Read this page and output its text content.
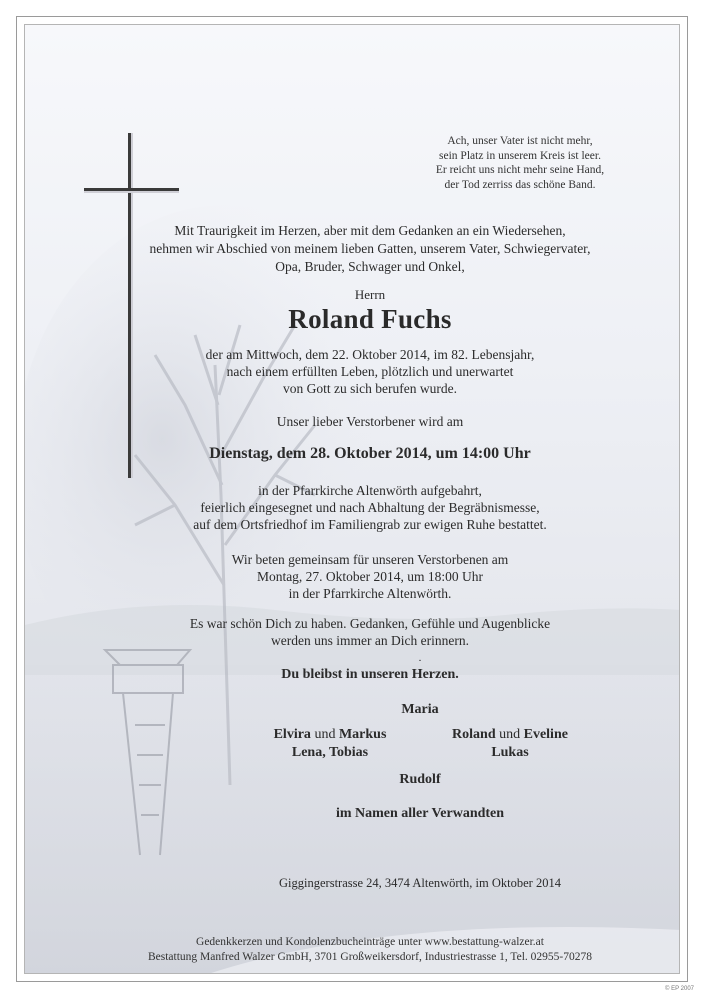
Ach, unser Vater ist nicht mehr,
sein Platz in unserem Kreis ist leer.
Er reicht uns nicht mehr seine Hand,
der Tod zerriss das schöne Band.
Mit Traurigkeit im Herzen, aber mit dem Gedanken an ein Wiedersehen,
nehmen wir Abschied von meinem lieben Gatten, unserem Vater, Schwiegervater,
Opa, Bruder, Schwager und Onkel,
Herrn
Roland Fuchs
der am Mittwoch, dem 22. Oktober 2014, im 82. Lebensjahr,
nach einem erfüllten Leben, plötzlich und unerwartet
von Gott zu sich berufen wurde.
Unser lieber Verstorbener wird am
Dienstag, dem 28. Oktober 2014, um 14:00 Uhr
in der Pfarrkirche Altenwörth aufgebahrt,
feierlich eingesegnet und nach Abhaltung der Begräbnismesse,
auf dem Ortsfriedhof im Familiengrab zur ewigen Ruhe bestattet.
Wir beten gemeinsam für unseren Verstorbenen am
Montag, 27. Oktober 2014, um 18:00 Uhr
in der Pfarrkirche Altenwörth.
Es war schön Dich zu haben. Gedanken, Gefühle und Augenblicke
werden uns immer an Dich erinnern.
.
Du bleibst in unseren Herzen.
Maria
Elvira und Markus
Lena, Tobias
Roland und Eveline
Lukas
Rudolf
im Namen aller Verwandten
Giggingerstrasse 24, 3474 Altenwörth, im Oktober 2014
Gedenkkerzen und Kondolenzbucheinträge unter www.bestattung-walzer.at
Bestattung Manfred Walzer GmbH, 3701 Großweikersdorf, Industriestrasse 1, Tel. 02955-70278
© EP 2007
